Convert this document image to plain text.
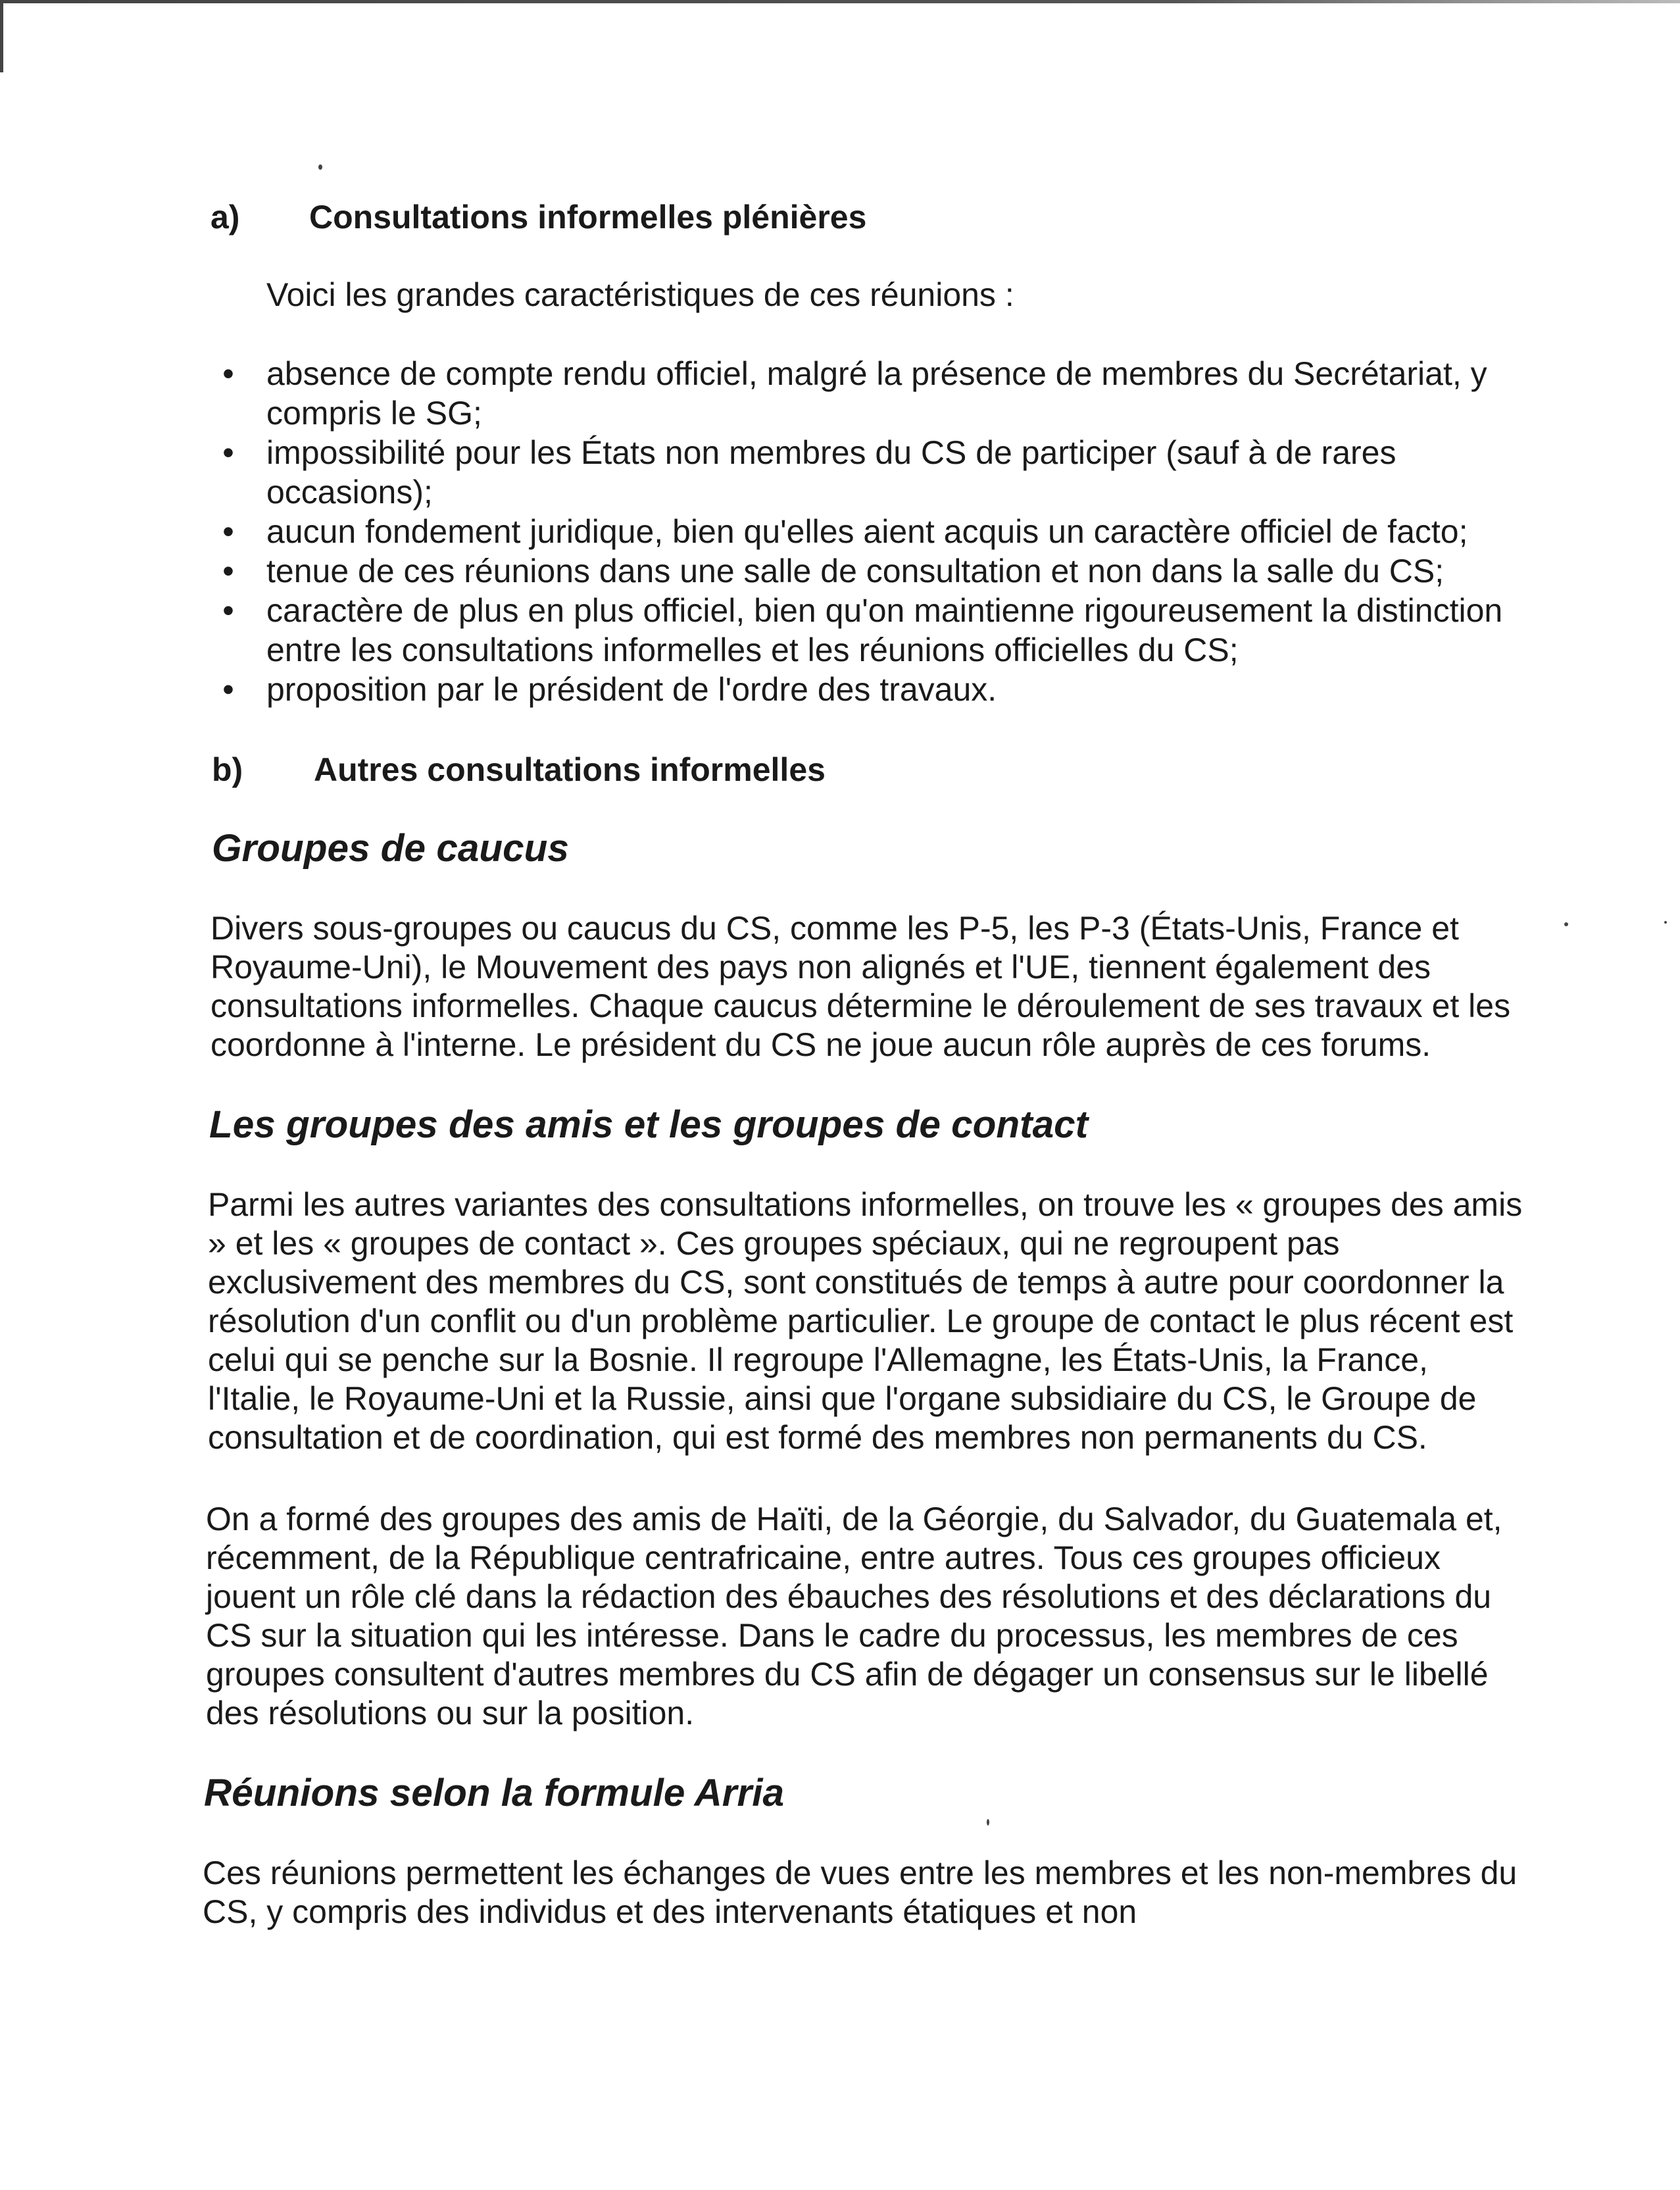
a)	Consultations informelles plénières

Voici les grandes caractéristiques de ces réunions :

• absence de compte rendu officiel, malgré la présence de membres du Secrétariat, y compris le SG;
• impossibilité pour les États non membres du CS de participer (sauf à de rares occasions);
• aucun fondement juridique, bien qu'elles aient acquis un caractère officiel de facto;
• tenue de ces réunions dans une salle de consultation et non dans la salle du CS;
• caractère de plus en plus officiel, bien qu'on maintienne rigoureusement la distinction entre les consultations informelles et les réunions officielles du CS;
• proposition par le président de l'ordre des travaux.
b)	Autres consultations informelles
Groupes de caucus

Divers sous-groupes ou caucus du CS, comme les P-5, les P-3 (États-Unis, France et Royaume-Uni), le Mouvement des pays non alignés et l'UE, tiennent également des consultations informelles. Chaque caucus détermine le déroulement de ses travaux et les coordonne à l'interne. Le président du CS ne joue aucun rôle auprès de ces forums.

Les groupes des amis et les groupes de contact

Parmi les autres variantes des consultations informelles, on trouve les « groupes des amis » et les « groupes de contact ». Ces groupes spéciaux, qui ne regroupent pas exclusivement des membres du CS, sont constitués de temps à autre pour coordonner la résolution d'un conflit ou d'un problème particulier. Le groupe de contact le plus récent est celui qui se penche sur la Bosnie. Il regroupe l'Allemagne, les États-Unis, la France, l'Italie, le Royaume-Uni et la Russie, ainsi que l'organe subsidiaire du CS, le Groupe de consultation et de coordination, qui est formé des membres non permanents du CS.

On a formé des groupes des amis de Haïti, de la Géorgie, du Salvador, du Guatemala et, récemment, de la République centrafricaine, entre autres. Tous ces groupes officieux jouent un rôle clé dans la rédaction des ébauches des résolutions et des déclarations du CS sur la situation qui les intéresse. Dans le cadre du processus, les membres de ces groupes consultent d'autres membres du CS afin de dégager un consensus sur le libellé des résolutions ou sur la position.

Réunions selon la formule Arria

Ces réunions permettent les échanges de vues entre les membres et les non-membres du CS, y compris des individus et des intervenants étatiques et non
